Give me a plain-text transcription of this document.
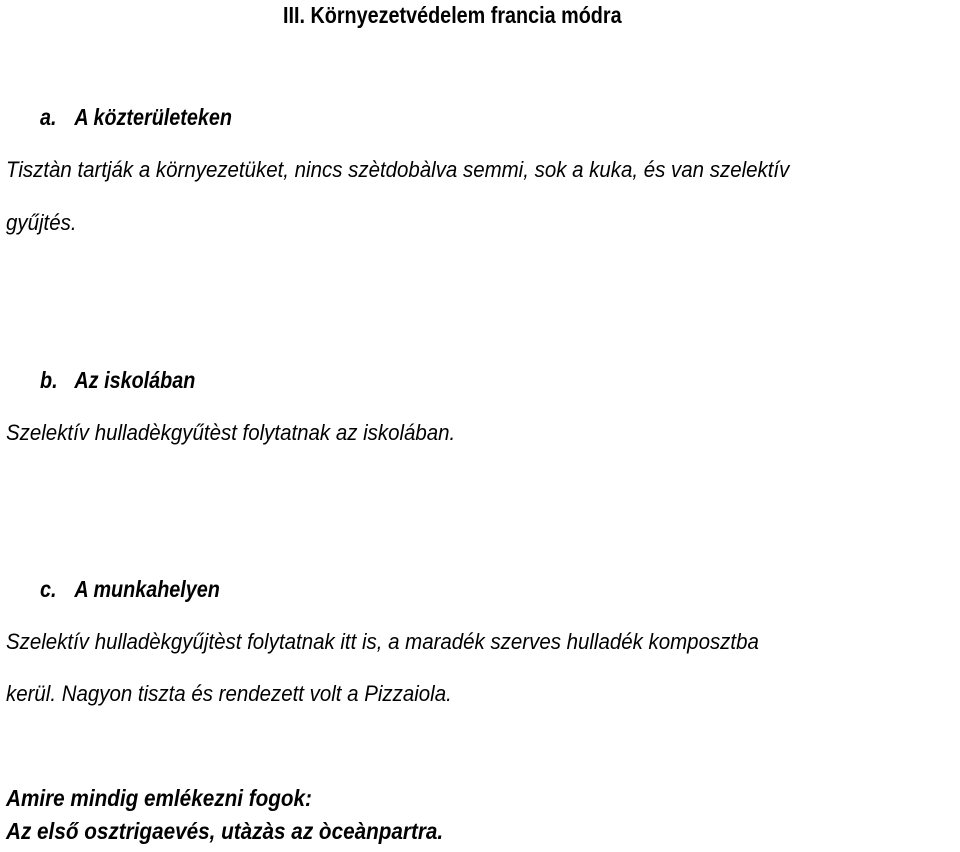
III. Környezetvédelem francia módra
a. A közterületeken
Tisztàn tartják a környezetüket, nincs szètdobàlva semmi, sok a kuka, és van szelektív
gyűjtés.
b. Az iskolában
Szelektív hulladèkgyűtèst folytatnak az iskolában.
c. A munkahelyen
Szelektív hulladèkgyűjtèst folytatnak itt is, a maradék szerves hulladék komposztba
kerül. Nagyon tiszta és rendezett volt a Pizzaiola.
Amire mindig emlékezni fogok:
Az első osztrigaevés, utàzàs az òceànpartra.
